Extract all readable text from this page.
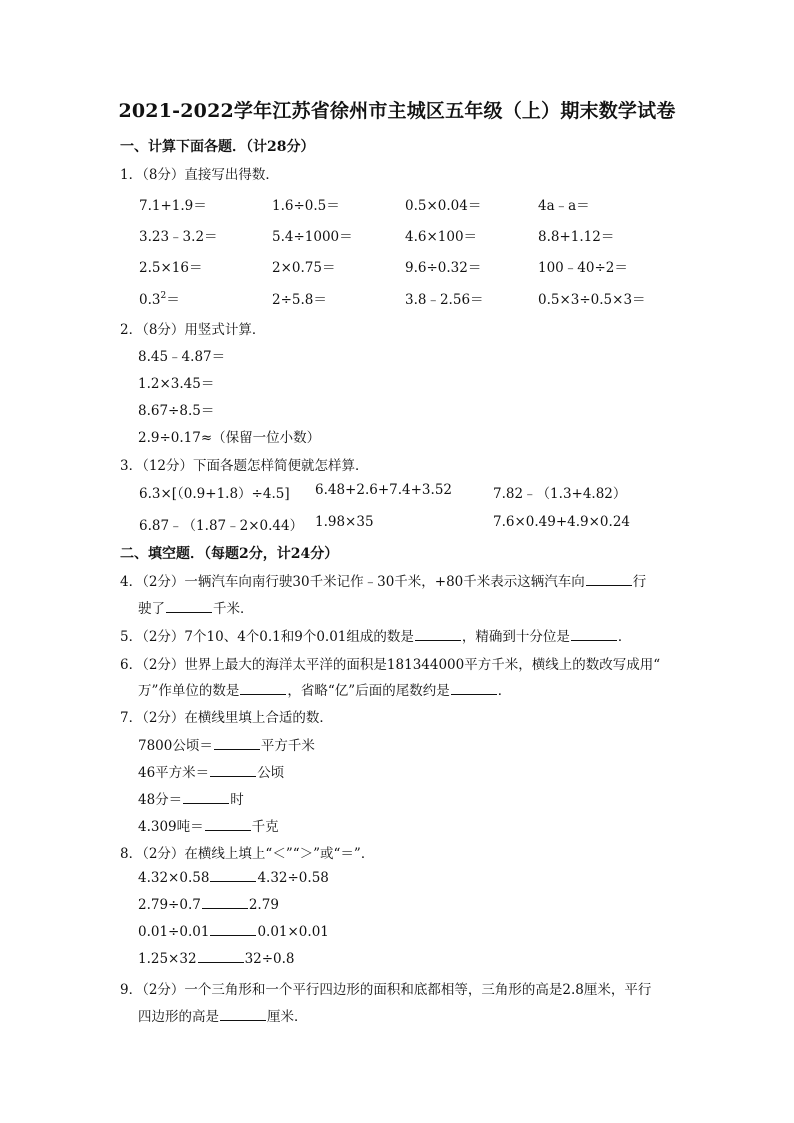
2021-2022学年江苏省徐州市主城区五年级（上）期末数学试卷
一、计算下面各题．（计28分）
1．（8分）直接写出得数．
7.1+1.9＝	1.6÷0.5＝	0.5×0.04＝	4a﹣a＝
3.23﹣3.2＝	5.4÷1000＝	4.6×100＝	8.8+1.12＝
2.5×16＝	2×0.75＝	9.6÷0.32＝	100﹣40÷2＝
$0.3^2=$	2÷5.8＝	3.8﹣2.56＝	0.5×3÷0.5×3＝
2．（8分）用竖式计算．
8.45﹣4.87＝
1.2×3.45＝
8.67÷8.5＝
2.9÷0.17≈（保留一位小数）
3．（12分）下面各题怎样简便就怎样算．
6.3×[（0.9+1.8）÷4.5] 6.48+2.6+7.4+3.52	7.82﹣（1.3+4.82）
6.87﹣（1.87﹣2×0.44） 1.98×35	7.6×0.49+4.9×0.24
二、填空题．（每题2分，计24分）
4．（2分）一辆汽车向南行驶30千米记作﹣30千米，+80千米表示这辆汽车向	行
驶了	千米．
5．（2分）7个10、4个0.1和9个0.01组成的数是	，精确到十分位是	．
6．（2分）世界上最大的海洋太平洋的面积是181344000平方千米，横线上的数改写成用“
万”作单位的数是	，省略“亿”后面的尾数约是	．
7．（2分）在横线里填上合适的数．
7800公顷＝	平方千米
46平方米＝	公顷
48分＝	时
4.309吨＝	千克
8．（2分）在横线上填上“＜”“＞”或“＝”．
4.32×0.58	4.32÷0.58
2.79÷0.7	2.79
0.01÷0.01	0.01×0.01
1.25×32	32÷0.8
9．（2分）一个三角形和一个平行四边形的面积和底都相等，三角形的高是2.8厘米，平行
四边形的高是	厘米．
